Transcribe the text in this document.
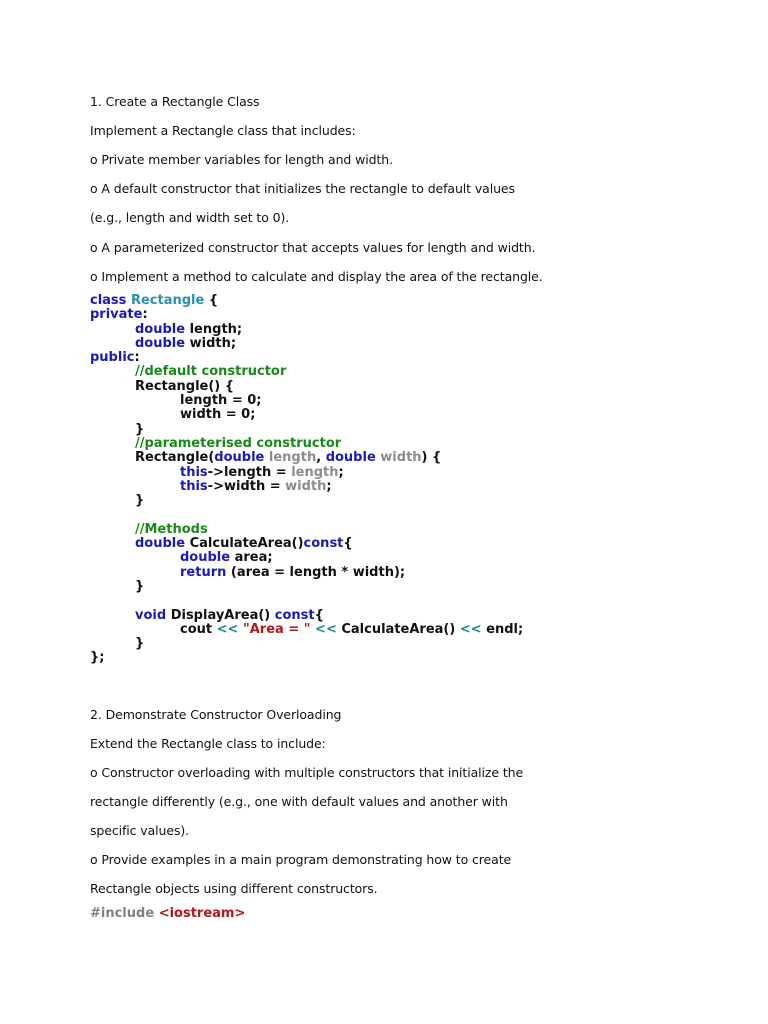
1. Create a Rectangle Class

Implement a Rectangle class that includes:

o Private member variables for length and width.

o A default constructor that initializes the rectangle to default values

(e.g., length and width set to 0).

o A parameterized constructor that accepts values for length and width.

o Implement a method to calculate and display the area of the rectangle.

class Rectangle {
private:
double length;
double width;
public:
//default constructor
Rectangle() {
length = 0;
width = 0;
}
//parameterised constructor
Rectangle(double length, double width) {
this->length = length;
this->width = width;
}

//Methods
double CalculateArea()const{
double area;
return (area = length * width);
}

void DisplayArea() const{
cout << "Area = " << CalculateArea() << endl;
}
};

2. Demonstrate Constructor Overloading

Extend the Rectangle class to include:

o Constructor overloading with multiple constructors that initialize the

rectangle differently (e.g., one with default values and another with

specific values).

o Provide examples in a main program demonstrating how to create

Rectangle objects using different constructors.

#include <iostream>
